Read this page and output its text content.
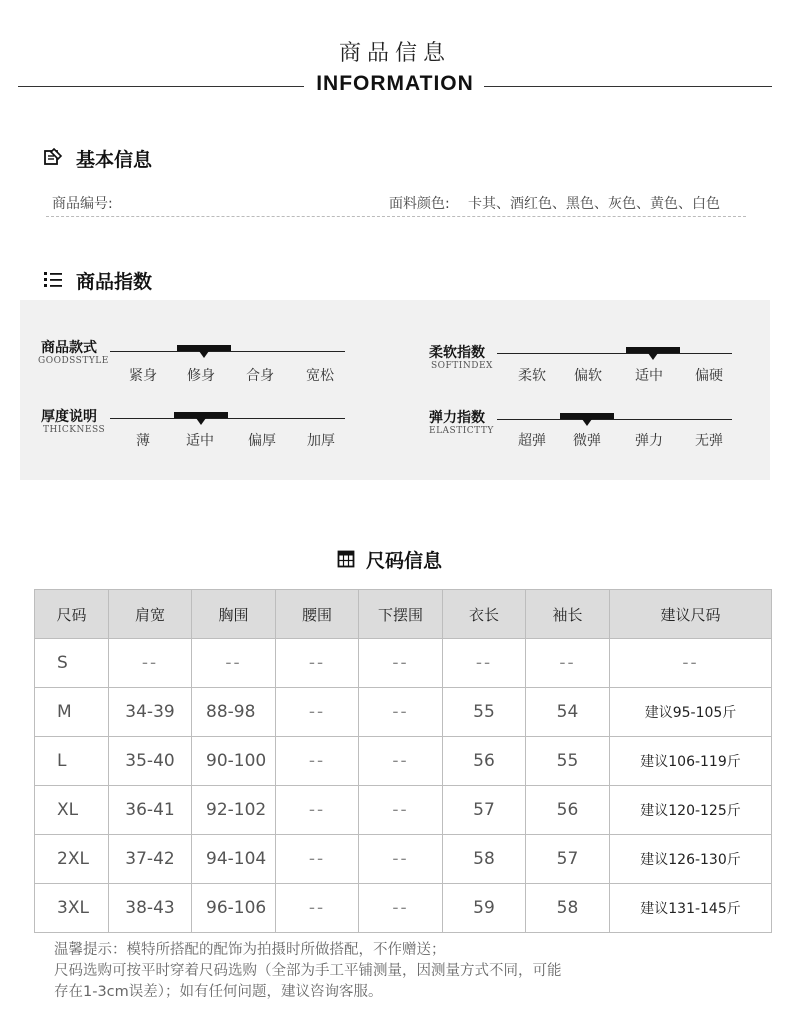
商品信息
INFORMATION
基本信息
商品编号:	面料颜色: 卡其、酒红色、黑色、灰色、黄色、白色
商品指数
商品款式
GOODSSTYLE
紧身	修身	合身	宽松
柔软指数
SOFTINDEX
柔软	偏软	适中	偏硬
厚度说明
THICKNESS
薄	适中	偏厚	加厚
弹力指数
ELASTICTTY
超弹	微弹	弹力	无弹
尺码信息
尺码	肩宽	胸围	腰围	下摆围	衣长	袖长	建议尺码
S	--	--	--	--	--	--	--
M	34-39	88-98	--	--	55	54	建议95-105斤
L	35-40	90-100	--	--	56	55	建议106-119斤
XL	36-41	92-102	--	--	57	56	建议120-125斤
2XL	37-42	94-104	--	--	58	57	建议126-130斤
3XL	38-43	96-106	--	--	59	58	建议131-145斤
温馨提示：模特所搭配的配饰为拍摄时所做搭配，不作赠送；
尺码选购可按平时穿着尺码选购（全部为手工平铺测量，因测量方式不同，可能
存在1-3cm误差）；如有任何问题，建议咨询客服。
